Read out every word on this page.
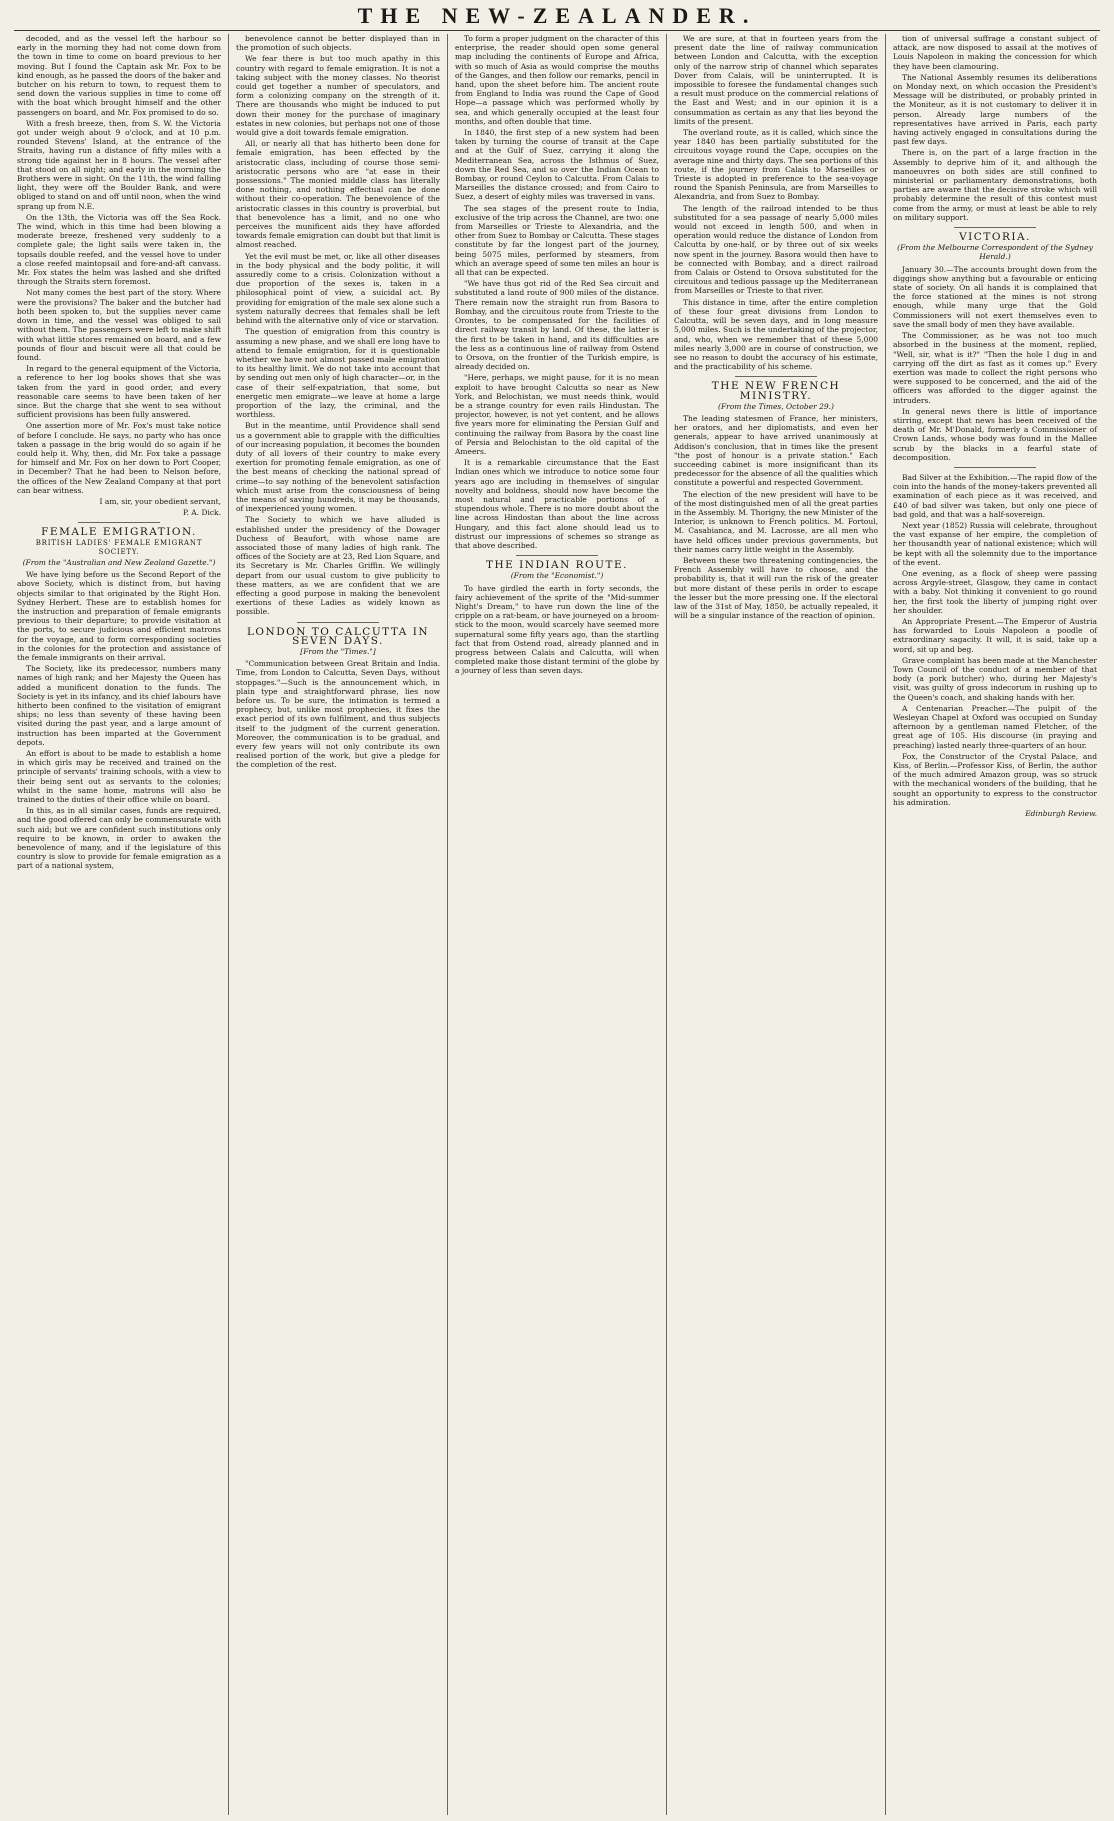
THE NEW-ZEALANDER.

decoded, and as the vessel left the harbour so early in the morning they had not come down from the town in time to come on board previous to her moving. But I found the Captain ask Mr. Fox to be kind enough, as he passed the doors of the baker and butcher on his return to town, to request them to send down the various supplies in time to come off with the boat which brought himself and the other passengers on board, and Mr. Fox promised to do so.

With a fresh breeze, then, from S. W. the Victoria got under weigh about 9 o'clock, and at 10 p.m. rounded Stevens' Island, at the entrance of the Straits, having run a distance of fifty miles with a strong tide against her in 8 hours. The vessel after that stood on all night; and early in the morning the Brothers were in sight. On the 11th, the wind falling light, they were off the Boulder Bank, and were obliged to stand on and off until noon, when the wind sprang up from N.E.

On the 13th, the Victoria was off the Sea Rock. The wind, which in this time had been blowing a moderate breeze, freshened very suddenly to a complete gale; the light sails were taken in, the topsails double reefed, and the vessel hove to under a close reefed maintopsail and fore-and-aft canvass. Mr. Fox states the helm was lashed and she drifted through the Straits stern foremost.

Not many comes the best part of the story. Where were the provisions? The baker and the butcher had both been spoken to, but the supplies never came down in time, and the vessel was obliged to sail without them. The passengers were left to make shift with what little stores remained on board, and a few pounds of flour and biscuit were all that could be found.

In regard to the general equipment of the Victoria, a reference to her log books shows that she was taken from the yard in good order, and every reasonable care seems to have been taken of her since. But the charge that she went to sea without sufficient provisions has been fully answered.

One assertion more of Mr. Fox's must take notice of before I conclude. He says, no party who has once taken a passage in the brig would do so again if he could help it. Why, then, did Mr. Fox take a passage for himself and Mr. Fox on her down to Port Cooper, in December? That he had been to Nelson before, the offices of the New Zealand Company at that port can bear witness.

I am, sir, your obedient servant,
P. A. Dick.
FEMALE EMIGRATION.
BRITISH LADIES' FEMALE EMIGRANT SOCIETY.
(From the "Australian and New Zealand Gazette.")

We have lying before us the Second Report of the above Society, which is distinct from, but having objects similar to that originated by the Right Hon. Sydney Herbert. These are to establish homes for the instruction and preparation of female emigrants previous to their departure; to provide visitation at the ports, to secure judicious and efficient matrons for the voyage, and to form corresponding societies in the colonies for the protection and assistance of the female immigrants on their arrival.

The Society, like its predecessor, numbers many names of high rank; and her Majesty the Queen has added a munificent donation to the funds. The Society is yet in its infancy, and its chief labours have hitherto been confined to the visitation of emigrant ships; no less than seventy of these having been visited during the past year, and a large amount of instruction has been imparted at the Government depots.

An effort is about to be made to establish a home in which girls may be received and trained on the principle of servants' training schools, with a view to their being sent out as servants to the colonies; whilst in the same home, matrons will also be trained to the duties of their office while on board.

In this, as in all similar cases, funds are required, and the good offered can only be commensurate with such aid; but we are confident such institutions only require to be known, in order to awaken the benevolence of many, and if the legislature of this country is slow to provide for female emigration as a part of a national system,

benevolence cannot be better displayed than in the promotion of such objects.

We fear there is but too much apathy in this country with regard to female emigration. It is not a taking subject with the money classes. No theorist could get together a number of speculators, and form a colonizing company on the strength of it. There are thousands who might be induced to put down their money for the purchase of imaginary estates in new colonies, but perhaps not one of those would give a doit towards female emigration.

All, or nearly all that has hitherto been done for female emigration, has been effected by the aristocratic class, including of course those semi-aristocratic persons who are "at ease in their possessions." The monied middle class has literally done nothing, and nothing effectual can be done without their co-operation. The benevolence of the aristocratic classes in this country is proverbial, but that benevolence has a limit, and no one who perceives the munificent aids they have afforded towards female emigration can doubt but that limit is almost reached.

Yet the evil must be met, or, like all other diseases in the body physical and the body politic, it will assuredly come to a crisis. Colonization without a due proportion of the sexes is, taken in a philosophical point of view, a suicidal act. By providing for emigration of the male sex alone such a system naturally decrees that females shall be left behind with the alternative only of vice or starvation.

The question of emigration from this country is assuming a new phase, and we shall ere long have to attend to female emigration, for it is questionable whether we have not almost passed male emigration to its healthy limit. We do not take into account that by sending out men only of high character—or, in the case of their self-expatriation, that some, but energetic men emigrate—we leave at home a large proportion of the lazy, the criminal, and the worthless.

But in the meantime, until Providence shall send us a government able to grapple with the difficulties of our increasing population, it becomes the bounden duty of all lovers of their country to make every exertion for promoting female emigration, as one of the best means of checking the national spread of crime—to say nothing of the benevolent satisfaction which must arise from the consciousness of being the means of saving hundreds, it may be thousands, of inexperienced young women.

The Society to which we have alluded is established under the presidency of the Dowager Duchess of Beaufort, with whose name are associated those of many ladies of high rank. The offices of the Society are at 23, Red Lion Square, and its Secretary is Mr. Charles Griffin. We willingly depart from our usual custom to give publicity to these matters, as we are confident that we are effecting a good purpose in making the benevolent exertions of these Ladies as widely known as possible.

LONDON TO CALCUTTA IN SEVEN DAYS.
[From the "Times."]

"Communication between Great Britain and India. Time, from London to Calcutta, Seven Days, without stoppages."—Such is the announcement which, in plain type and straightforward phrase, lies now before us. To be sure, the intimation is termed a prophecy, but, unlike most prophecies, it fixes the exact period of its own fulfilment, and thus subjects itself to the judgment of the current generation. Moreover, the communication is to be gradual, and every few years will not only contribute its own realised portion of the work, but give a pledge for the completion of the rest.

To form a proper judgment on the character of this enterprise, the reader should open some general map including the continents of Europe and Africa, with so much of Asia as would comprise the mouths of the Ganges, and then follow our remarks, pencil in hand, upon the sheet before him. The ancient route from England to India was round the Cape of Good Hope—a passage which was performed wholly by sea, and which generally occupied at the least four months, and often double that time.

In 1840, the first step of a new system had been taken by turning the course of transit at the Cape and at the Gulf of Suez, carrying it along the Mediterranean Sea, across the Isthmus of Suez, down the Red Sea, and so over the Indian Ocean to Bombay, or round Ceylon to Calcutta. From Calais to Marseilles the distance crossed; and from Cairo to Suez, a desert of eighty miles was traversed in vans.

The sea stages of the present route to India, exclusive of the trip across the Channel, are two: one from Marseilles or Trieste to Alexandria, and the other from Suez to Bombay or Calcutta. These stages constitute by far the longest part of the journey, being 5075 miles, performed by steamers, from which an average speed of some ten miles an hour is all that can be expected.

"We have thus got rid of the Red Sea circuit and substituted a land route of 900 miles of the distance. There remain now the straight run from Basora to Bombay, and the circuitous route from Trieste to the Orontes, to be compensated for the facilities of direct railway transit by land. Of these, the latter is the first to be taken in hand, and its difficulties are the less as a continuous line of railway from Ostend to Orsova, on the frontier of the Turkish empire, is already decided on.

"Here, perhaps, we might pause, for it is no mean exploit to have brought Calcutta so near as New York, and Belochistan, we must needs think, would be a strange country for even rails Hindustan. The projector, however, is not yet content, and he allows five years more for eliminating the Persian Gulf and continuing the railway from Basora by the coast line of Persia and Belochistan to the old capital of the Ameers.

It is a remarkable circumstance that the East Indian ones which we introduce to notice some four years ago are including in themselves of singular novelty and boldness, should now have become the most natural and practicable portions of a stupendous whole. There is no more doubt about the line across Hindostan than about the line across Hungary, and this fact alone should lead us to distrust our impressions of schemes so strange as that above described.

THE INDIAN ROUTE.
(From the "Economist.")

To have girdled the earth in forty seconds, the fairy achievement of the sprite of the "Mid-summer Night's Dream," to have run down the line of the cripple on a rat-beam, or have journeyed on a broom-stick to the moon, would scarcely have seemed more supernatural some fifty years ago, than the startling fact that from Ostend road, already planned and in progress between Calais and Calcutta, will when completed make those distant termini of the globe by a journey of less than seven days.

We are sure, at that in fourteen years from the present date the line of railway communication between London and Calcutta, with the exception only of the narrow strip of channel which separates Dover from Calais, will be uninterrupted. It is impossible to foresee the fundamental changes such a result must produce on the commercial relations of the East and West; and in our opinion it is a consummation as certain as any that lies beyond the limits of the present.

The overland route, as it is called, which since the year 1840 has been partially substituted for the circuitous voyage round the Cape, occupies on the average nine and thirty days. The sea portions of this route, if the journey from Calais to Marseilles or Trieste is adopted in preference to the sea-voyage round the Spanish Peninsula, are from Marseilles to Alexandria, and from Suez to Bombay.

The length of the railroad intended to be thus substituted for a sea passage of nearly 5,000 miles would not exceed in length 500, and when in operation would reduce the distance of London from Calcutta by one-half, or by three out of six weeks now spent in the journey. Basora would then have to be connected with Bombay, and a direct railroad from Calais or Ostend to Orsova substituted for the circuitous and tedious passage up the Mediterranean from Marseilles or Trieste to that river.

This distance in time, after the entire completion of these four great divisions from London to Calcutta, will be seven days, and in long measure 5,000 miles. Such is the undertaking of the projector, and, who, when we remember that of these 5,000 miles nearly 3,000 are in course of construction, we see no reason to doubt the accuracy of his estimate, and the practicability of his scheme.

THE NEW FRENCH MINISTRY.
(From the Times, October 29.)

The leading statesmen of France, her ministers, her orators, and her diplomatists, and even her generals, appear to have arrived unanimously at Addison's conclusion, that in times like the present "the post of honour is a private station." Each succeeding cabinet is more insignificant than its predecessor for the absence of all the qualities which constitute a powerful and respected Government.

The election of the new president will have to be of the most distinguished men of all the great parties in the Assembly. M. Thorigny, the new Minister of the Interior, is unknown to French politics. M. Fortoul, M. Casabianca, and M. Lacrosse, are all men who have held offices under previous governments, but their names carry little weight in the Assembly.

Between these two threatening contingencies, the French Assembly will have to choose, and the probability is, that it will run the risk of the greater but more distant of these perils in order to escape the lesser but the more pressing one. If the electoral law of the 31st of May, 1850, be actually repealed, it will be a singular instance of the reaction of opinion.

tion of universal suffrage a constant subject of attack, are now disposed to assail at the motives of Louis Napoleon in making the concession for which they have been clamouring.

The National Assembly resumes its deliberations on Monday next, on which occasion the President's Message will be distributed, or probably printed in the Moniteur, as it is not customary to deliver it in person. Already large numbers of the representatives have arrived in Paris, each party having actively engaged in consultations during the past few days.

There is, on the part of a large fraction in the Assembly to deprive him of it, and although the manoeuvres on both sides are still confined to ministerial or parliamentary demonstrations, both parties are aware that the decisive stroke which will probably determine the result of this contest must come from the army, or must at least be able to rely on military support.

VICTORIA.
(From the Melbourne Correspondent of the Sydney Herald.)

January 30.—The accounts brought down from the diggings show anything but a favourable or enticing state of society. On all hands it is complained that the force stationed at the mines is not strong enough, while many urge that the Gold Commissioners will not exert themselves even to save the small body of men they have available.

The Commissioner, as he was not too much absorbed in the business at the moment, replied, "Well, sir, what is it?" "Then the hole I dug in and carrying off the dirt as fast as it comes up." Every exertion was made to collect the right persons who were supposed to be concerned, and the aid of the officers was afforded to the digger against the intruders.

In general news there is little of importance stirring, except that news has been received of the death of Mr. M'Donald, formerly a Commissioner of Crown Lands, whose body was found in the Mallee scrub by the blacks in a fearful state of decomposition.

Bad Silver at the Exhibition.—The rapid flow of the coin into the hands of the money-takers prevented all examination of each piece as it was received, and £40 of bad silver was taken, but only one piece of bad gold, and that was a half-sovereign.

Next year (1852) Russia will celebrate, throughout the vast expanse of her empire, the completion of her thousandth year of national existence; which will be kept with all the solemnity due to the importance of the event.

One evening, as a flock of sheep were passing across Argyle-street, Glasgow, they came in contact with a baby. Not thinking it convenient to go round her, the first took the liberty of jumping right over her shoulder.

An Appropriate Present.—The Emperor of Austria has forwarded to Louis Napoleon a poodle of extraordinary sagacity. It will, it is said, take up a word, sit up and beg.

Grave complaint has been made at the Manchester Town Council of the conduct of a member of that body (a pork butcher) who, during her Majesty's visit, was guilty of gross indecorum in rushing up to the Queen's coach, and shaking hands with her.

A Centenarian Preacher.—The pulpit of the Wesleyan Chapel at Oxford was occupied on Sunday afternoon by a gentleman named Fletcher, of the great age of 105. His discourse (in praying and preaching) lasted nearly three-quarters of an hour.

Fox, the Constructor of the Crystal Palace, and Kiss, of Berlin.—Professor Kiss, of Berlin, the author of the much admired Amazon group, was so struck with the mechanical wonders of the building, that he sought an opportunity to express to the constructor his admiration.

Edinburgh Review.
